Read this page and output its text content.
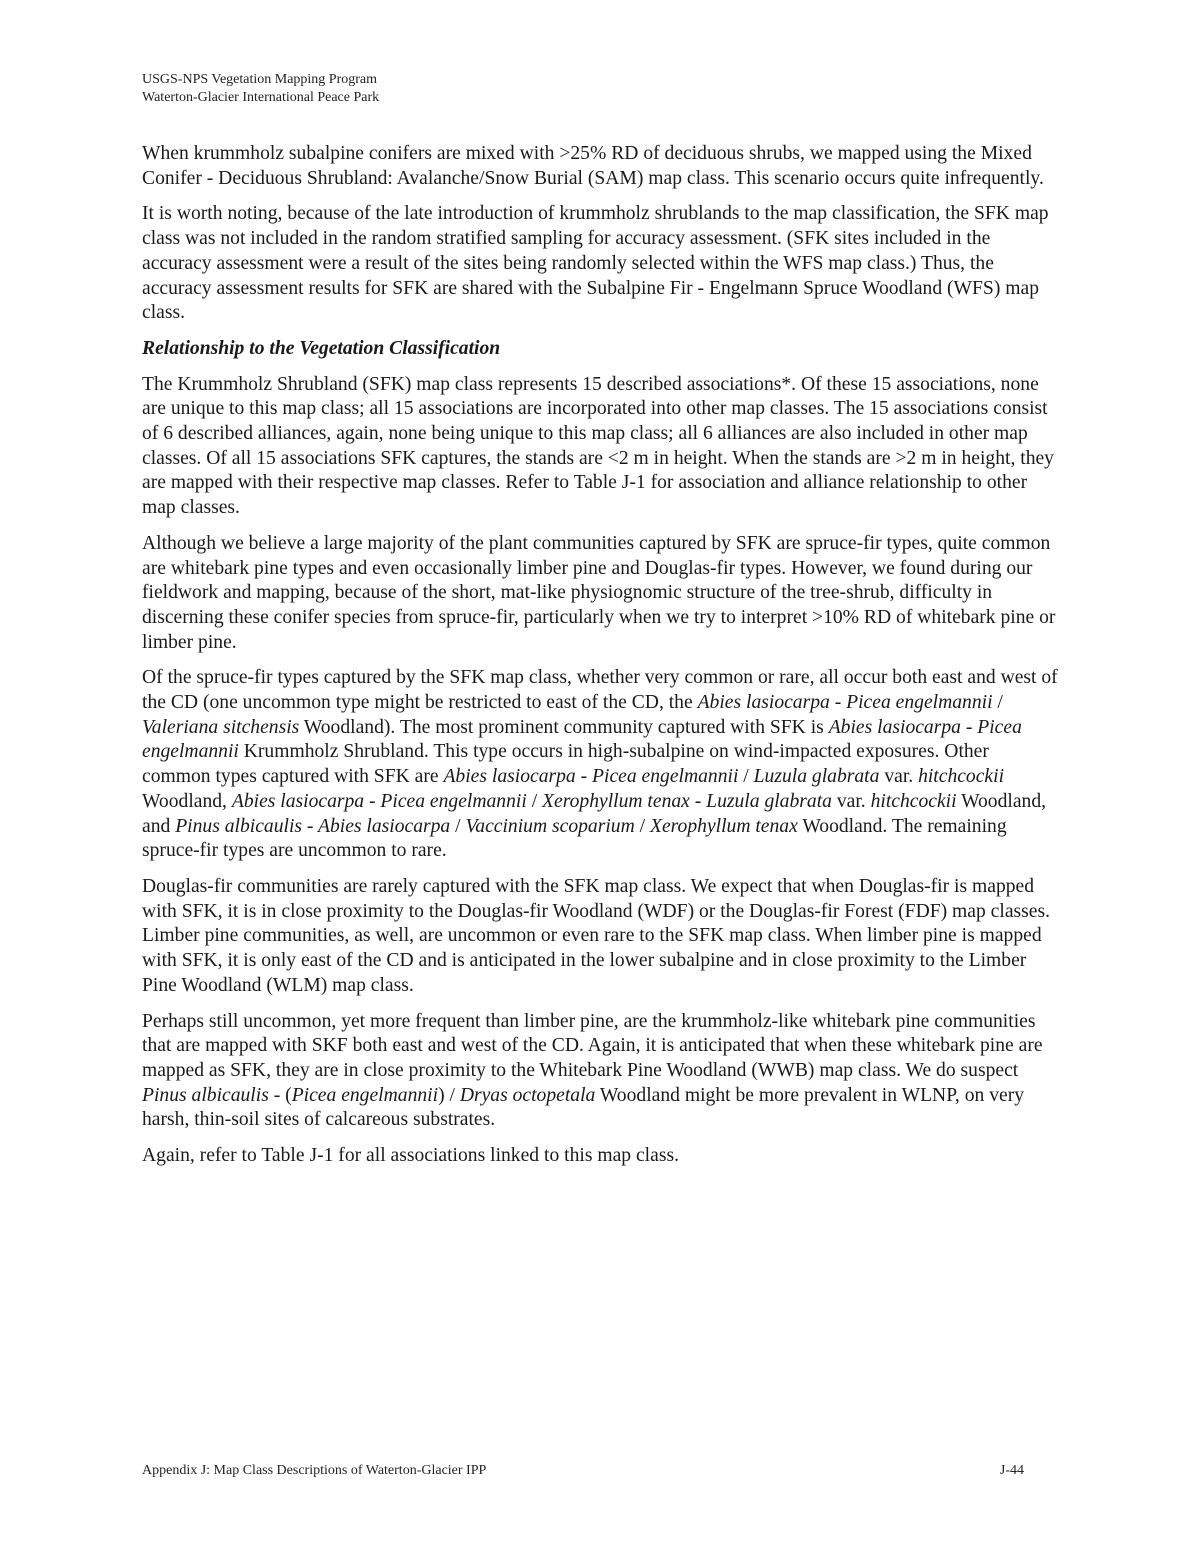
USGS-NPS Vegetation Mapping Program
Waterton-Glacier International Peace Park

When krummholz subalpine conifers are mixed with >25% RD of deciduous shrubs, we mapped using the Mixed Conifer - Deciduous Shrubland: Avalanche/Snow Burial (SAM) map class. This scenario occurs quite infrequently.

It is worth noting, because of the late introduction of krummholz shrublands to the map classification, the SFK map class was not included in the random stratified sampling for accuracy assessment. (SFK sites included in the accuracy assessment were a result of the sites being randomly selected within the WFS map class.) Thus, the accuracy assessment results for SFK are shared with the Subalpine Fir - Engelmann Spruce Woodland (WFS) map class.

Relationship to the Vegetation Classification

The Krummholz Shrubland (SFK) map class represents 15 described associations*. Of these 15 associations, none are unique to this map class; all 15 associations are incorporated into other map classes. The 15 associations consist of 6 described alliances, again, none being unique to this map class; all 6 alliances are also included in other map classes. Of all 15 associations SFK captures, the stands are <2 m in height. When the stands are >2 m in height, they are mapped with their respective map classes. Refer to Table J-1 for association and alliance relationship to other map classes.

Although we believe a large majority of the plant communities captured by SFK are spruce-fir types, quite common are whitebark pine types and even occasionally limber pine and Douglas-fir types. However, we found during our fieldwork and mapping, because of the short, mat-like physiognomic structure of the tree-shrub, difficulty in discerning these conifer species from spruce-fir, particularly when we try to interpret >10% RD of whitebark pine or limber pine.

Of the spruce-fir types captured by the SFK map class, whether very common or rare, all occur both east and west of the CD (one uncommon type might be restricted to east of the CD, the Abies lasiocarpa - Picea engelmannii / Valeriana sitchensis Woodland). The most prominent community captured with SFK is Abies lasiocarpa - Picea engelmannii Krummholz Shrubland. This type occurs in high-subalpine on wind-impacted exposures. Other common types captured with SFK are Abies lasiocarpa - Picea engelmannii / Luzula glabrata var. hitchcockii Woodland, Abies lasiocarpa - Picea engelmannii / Xerophyllum tenax - Luzula glabrata var. hitchcockii Woodland, and Pinus albicaulis - Abies lasiocarpa / Vaccinium scoparium / Xerophyllum tenax Woodland. The remaining spruce-fir types are uncommon to rare.

Douglas-fir communities are rarely captured with the SFK map class. We expect that when Douglas-fir is mapped with SFK, it is in close proximity to the Douglas-fir Woodland (WDF) or the Douglas-fir Forest (FDF) map classes. Limber pine communities, as well, are uncommon or even rare to the SFK map class. When limber pine is mapped with SFK, it is only east of the CD and is anticipated in the lower subalpine and in close proximity to the Limber Pine Woodland (WLM) map class.

Perhaps still uncommon, yet more frequent than limber pine, are the krummholz-like whitebark pine communities that are mapped with SKF both east and west of the CD. Again, it is anticipated that when these whitebark pine are mapped as SFK, they are in close proximity to the Whitebark Pine Woodland (WWB) map class. We do suspect Pinus albicaulis - (Picea engelmannii) / Dryas octopetala Woodland might be more prevalent in WLNP, on very harsh, thin-soil sites of calcareous substrates.

Again, refer to Table J-1 for all associations linked to this map class.

Appendix J: Map Class Descriptions of Waterton-Glacier IPP	J-44
